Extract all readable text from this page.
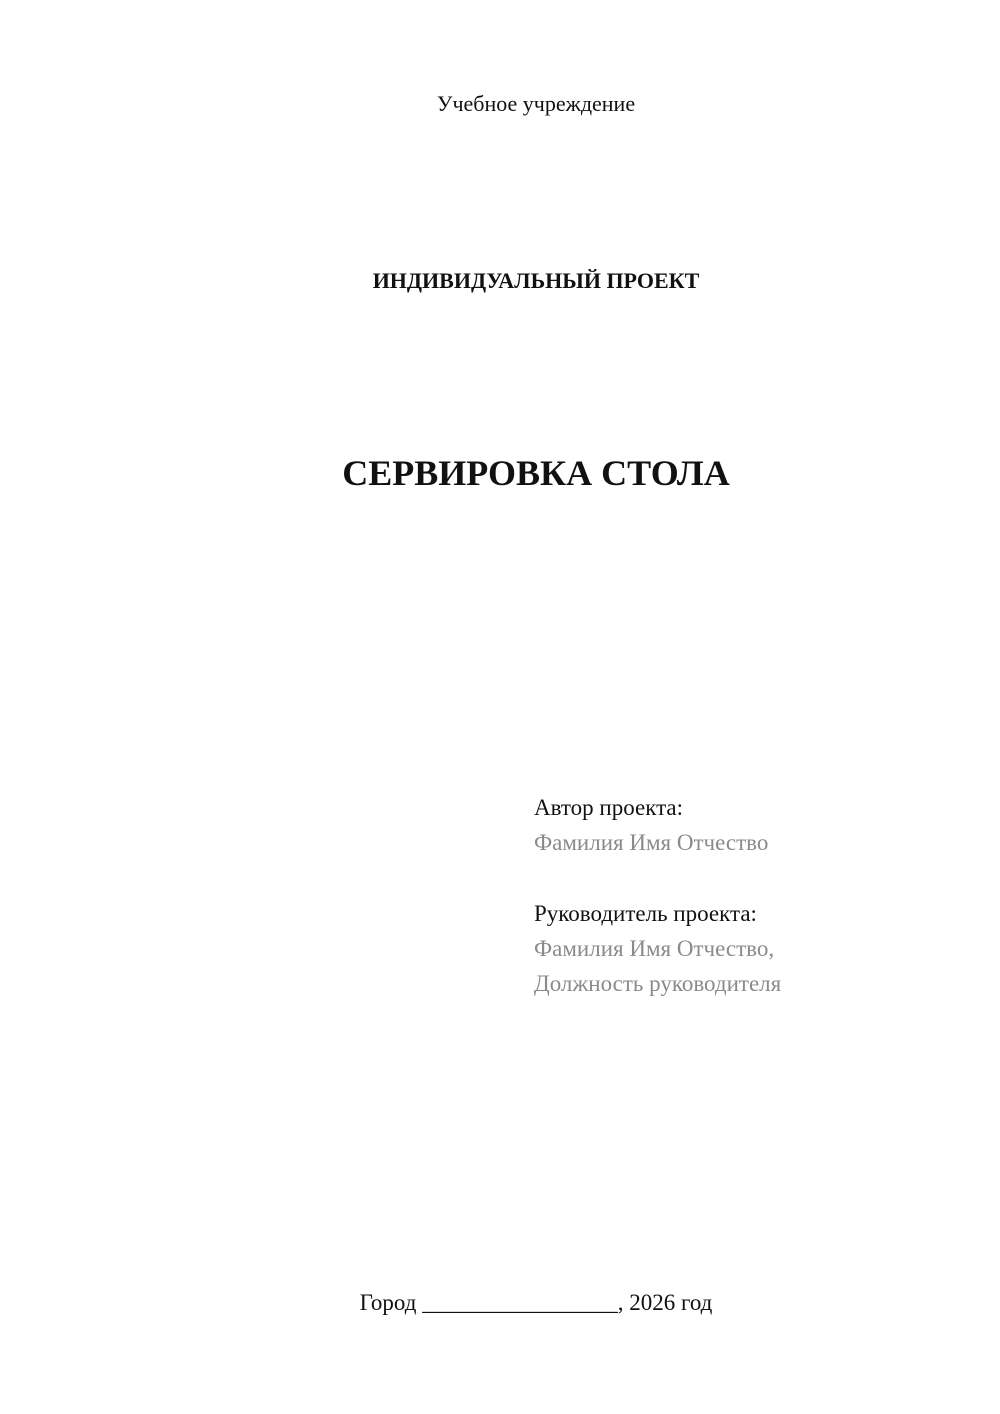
Учебное учреждение
ИНДИВИДУАЛЬНЫЙ ПРОЕКТ
СЕРВИРОВКА СТОЛА
Автор проекта:
Фамилия Имя Отчество
Руководитель проекта:
Фамилия Имя Отчество,
Должность руководителя
Город _________________, 2026 год
